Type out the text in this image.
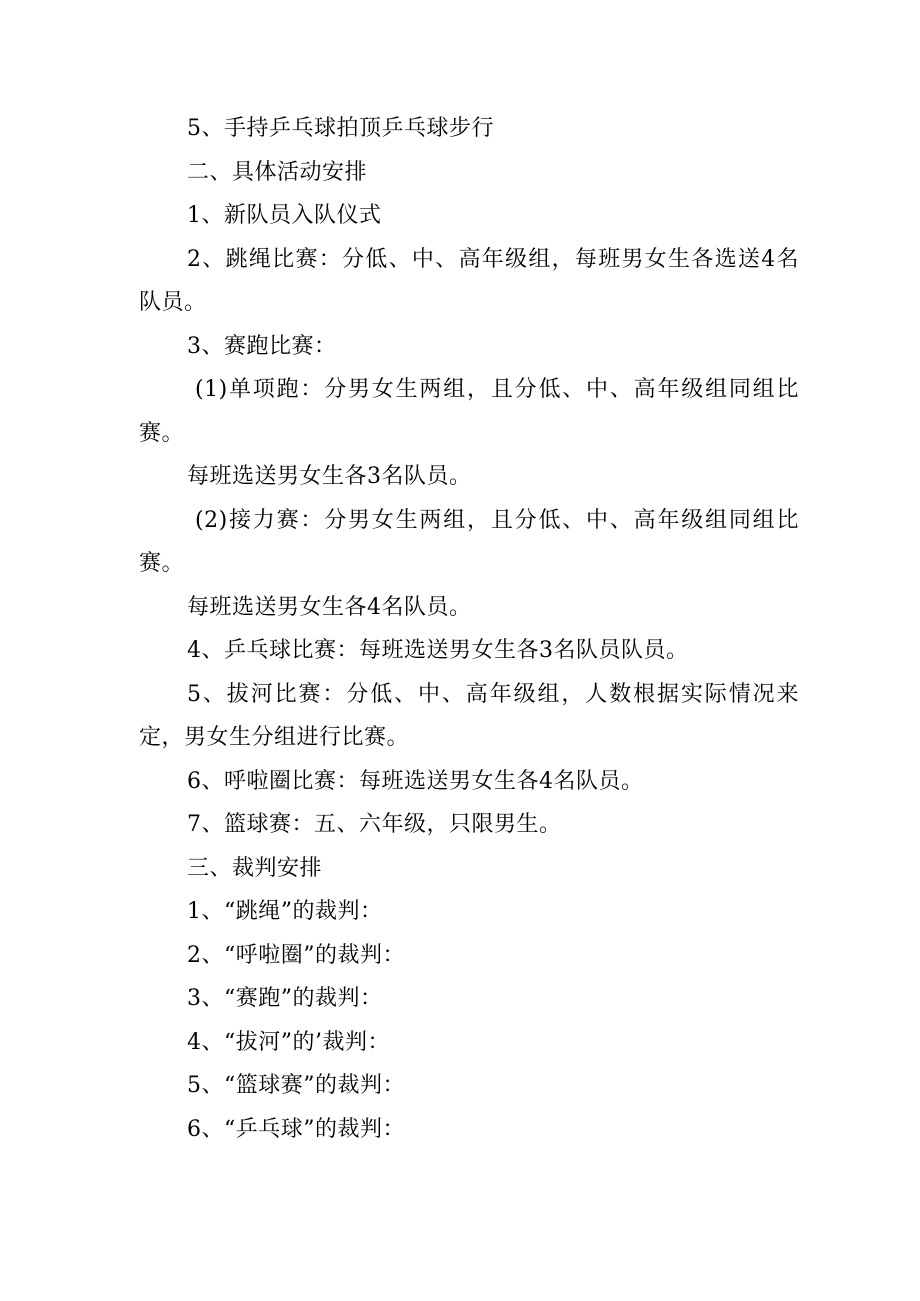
5、手持乒乓球拍顶乒乓球步行

二、具体活动安排

1、新队员入队仪式

2、跳绳比赛：分低、中、高年级组，每班男女生各选送4名队员。

3、赛跑比赛：

(1)单项跑：分男女生两组，且分低、中、高年级组同组比赛。

每班选送男女生各3名队员。

(2)接力赛：分男女生两组，且分低、中、高年级组同组比赛。

每班选送男女生各4名队员。

4、乒乓球比赛：每班选送男女生各3名队员队员。

5、拔河比赛：分低、中、高年级组，人数根据实际情况来定，男女生分组进行比赛。

6、呼啦圈比赛：每班选送男女生各4名队员。

7、篮球赛：五、六年级，只限男生。

三、裁判安排

1、“跳绳”的裁判：

2、“呼啦圈”的裁判：

3、“赛跑”的裁判：

4、“拔河”的’裁判：

5、“篮球赛”的裁判：

6、“乒乓球”的裁判：
